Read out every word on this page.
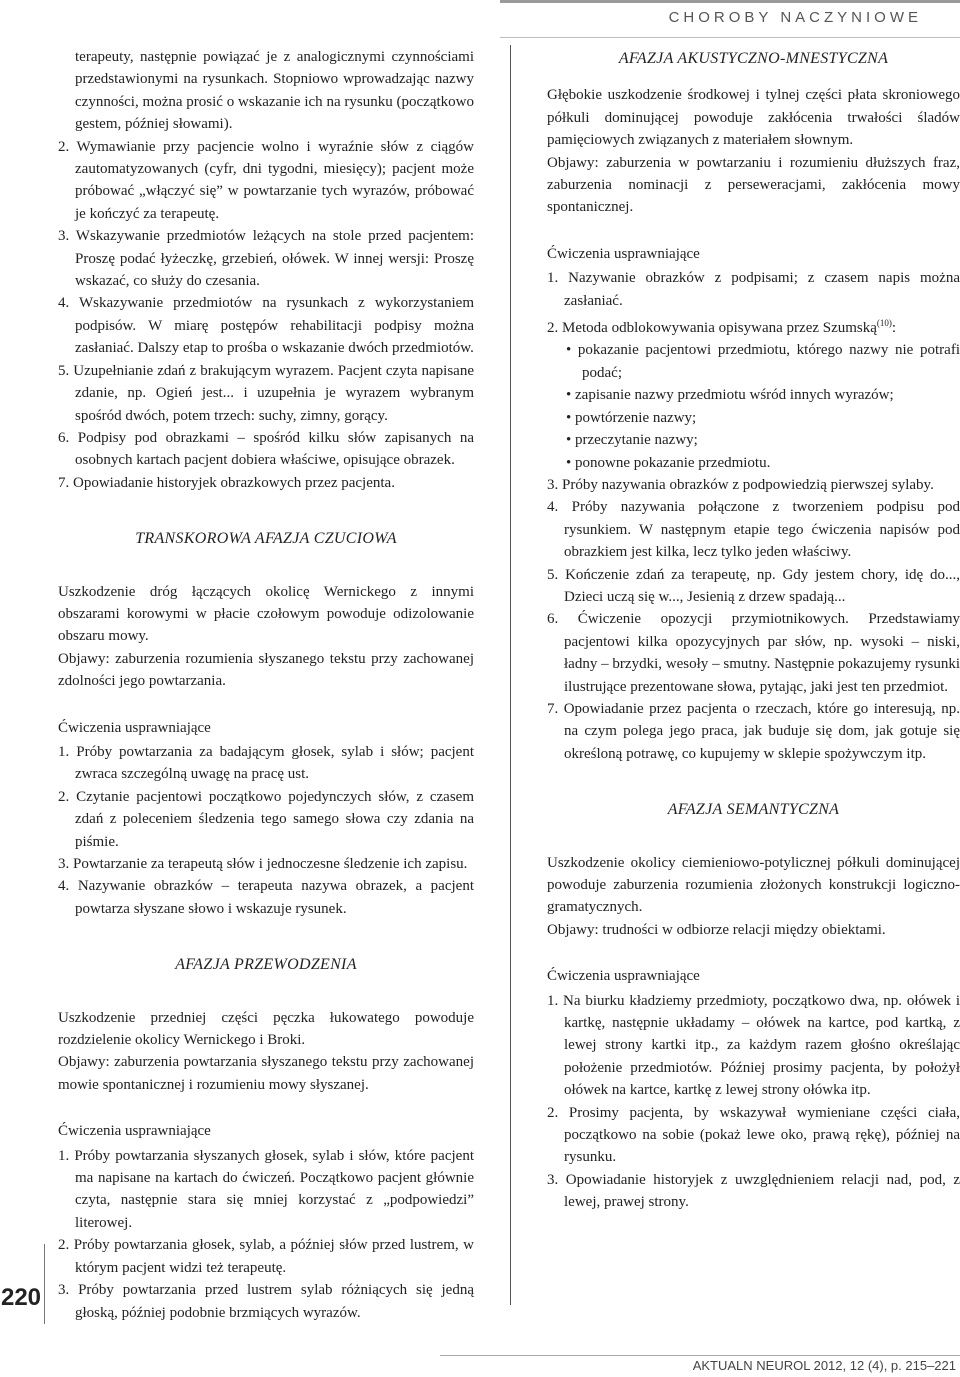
CHOROBY NACZYNIOWE
220

terapeuty, następnie powiązać je z analogicznymi czynnościami przedstawionymi na rysunkach. Stopniowo wprowadzając nazwy czynności, można prosić o wskazanie ich na rysunku (początkowo gestem, później słowami).

2. Wymawianie przy pacjencie wolno i wyraźnie słów z ciągów zautomatyzowanych (cyfr, dni tygodni, miesięcy); pacjent może próbować „włączyć się” w powtarzanie tych wyrazów, próbować je kończyć za terapeutę.

3. Wskazywanie przedmiotów leżących na stole przed pacjentem: Proszę podać łyżeczkę, grzebień, ołówek. W innej wersji: Proszę wskazać, co służy do czesania.

4. Wskazywanie przedmiotów na rysunkach z wykorzystaniem podpisów. W miarę postępów rehabilitacji podpisy można zasłaniać. Dalszy etap to prośba o wskazanie dwóch przedmiotów.

5. Uzupełnianie zdań z brakującym wyrazem. Pacjent czyta napisane zdanie, np. Ogień jest... i uzupełnia je wyrazem wybranym spośród dwóch, potem trzech: suchy, zimny, gorący.

6. Podpisy pod obrazkami – spośród kilku słów zapisanych na osobnych kartach pacjent dobiera właściwe, opisujące obrazek.

7. Opowiadanie historyjek obrazkowych przez pacjenta.

TRANSKOROWA AFAZJA CZUCIOWA

Uszkodzenie dróg łączących okolicę Wernickego z innymi obszarami korowymi w płacie czołowym powoduje odizolowanie obszaru mowy.

Objawy: zaburzenia rozumienia słyszanego tekstu przy zachowanej zdolności jego powtarzania.

Ćwiczenia usprawniające

1. Próby powtarzania za badającym głosek, sylab i słów; pacjent zwraca szczególną uwagę na pracę ust.

2. Czytanie pacjentowi początkowo pojedynczych słów, z czasem zdań z poleceniem śledzenia tego samego słowa czy zdania na piśmie.

3. Powtarzanie za terapeutą słów i jednoczesne śledzenie ich zapisu.

4. Nazywanie obrazków – terapeuta nazywa obrazek, a pacjent powtarza słyszane słowo i wskazuje rysunek.

AFAZJA PRZEWODZENIA

Uszkodzenie przedniej części pęczka łukowatego powoduje rozdzielenie okolicy Wernickego i Broki.

Objawy: zaburzenia powtarzania słyszanego tekstu przy zachowanej mowie spontanicznej i rozumieniu mowy słyszanej.

Ćwiczenia usprawniające

1. Próby powtarzania słyszanych głosek, sylab i słów, które pacjent ma napisane na kartach do ćwiczeń. Początkowo pacjent głównie czyta, następnie stara się mniej korzystać z „podpowiedzi” literowej.

2. Próby powtarzania głosek, sylab, a później słów przed lustrem, w którym pacjent widzi też terapeutę.

3. Próby powtarzania przed lustrem sylab różniących się jedną głoską, później podobnie brzmiących wyrazów.

AFAZJA AKUSTYCZNO-MNESTYCZNA

Głębokie uszkodzenie środkowej i tylnej części płata skroniowego półkuli dominującej powoduje zakłócenia trwałości śladów pamięciowych związanych z materiałem słownym.

Objawy: zaburzenia w powtarzaniu i rozumieniu dłuższych fraz, zaburzenia nominacji z perseweracjami, zakłócenia mowy spontanicznej.

Ćwiczenia usprawniające

1. Nazywanie obrazków z podpisami; z czasem napis można zasłaniać.

2. Metoda odblokowywania opisywana przez Szumską$^{(10)}$:

• pokazanie pacjentowi przedmiotu, którego nazwy nie potrafi podać;

• zapisanie nazwy przedmiotu wśród innych wyrazów;

• powtórzenie nazwy;

• przeczytanie nazwy;

• ponowne pokazanie przedmiotu.

3. Próby nazywania obrazków z podpowiedzią pierwszej sylaby.

4. Próby nazywania połączone z tworzeniem podpisu pod rysunkiem. W następnym etapie tego ćwiczenia napisów pod obrazkiem jest kilka, lecz tylko jeden właściwy.

5. Kończenie zdań za terapeutę, np. Gdy jestem chory, idę do..., Dzieci uczą się w..., Jesienią z drzew spadają...

6. Ćwiczenie opozycji przymiotnikowych. Przedstawiamy pacjentowi kilka opozycyjnych par słów, np. wysoki – niski, ładny – brzydki, wesoły – smutny. Następnie pokazujemy rysunki ilustrujące prezentowane słowa, pytając, jaki jest ten przedmiot.

7. Opowiadanie przez pacjenta o rzeczach, które go interesują, np. na czym polega jego praca, jak buduje się dom, jak gotuje się określoną potrawę, co kupujemy w sklepie spożywczym itp.

AFAZJA SEMANTYCZNA

Uszkodzenie okolicy ciemieniowo-potylicznej półkuli dominującej powoduje zaburzenia rozumienia złożonych konstrukcji logiczno-gramatycznych.

Objawy: trudności w odbiorze relacji między obiektami.

Ćwiczenia usprawniające

1. Na biurku kładziemy przedmioty, początkowo dwa, np. ołówek i kartkę, następnie układamy – ołówek na kartce, pod kartką, z lewej strony kartki itp., za każdym razem głośno określając położenie przedmiotów. Później prosimy pacjenta, by położył ołówek na kartce, kartkę z lewej strony ołówka itp.

2. Prosimy pacjenta, by wskazywał wymieniane części ciała, początkowo na sobie (pokaż lewe oko, prawą rękę), później na rysunku.

3. Opowiadanie historyjek z uwzględnieniem relacji nad, pod, z lewej, prawej strony.

AKTUALN NEUROL 2012, 12 (4), p. 215–221
